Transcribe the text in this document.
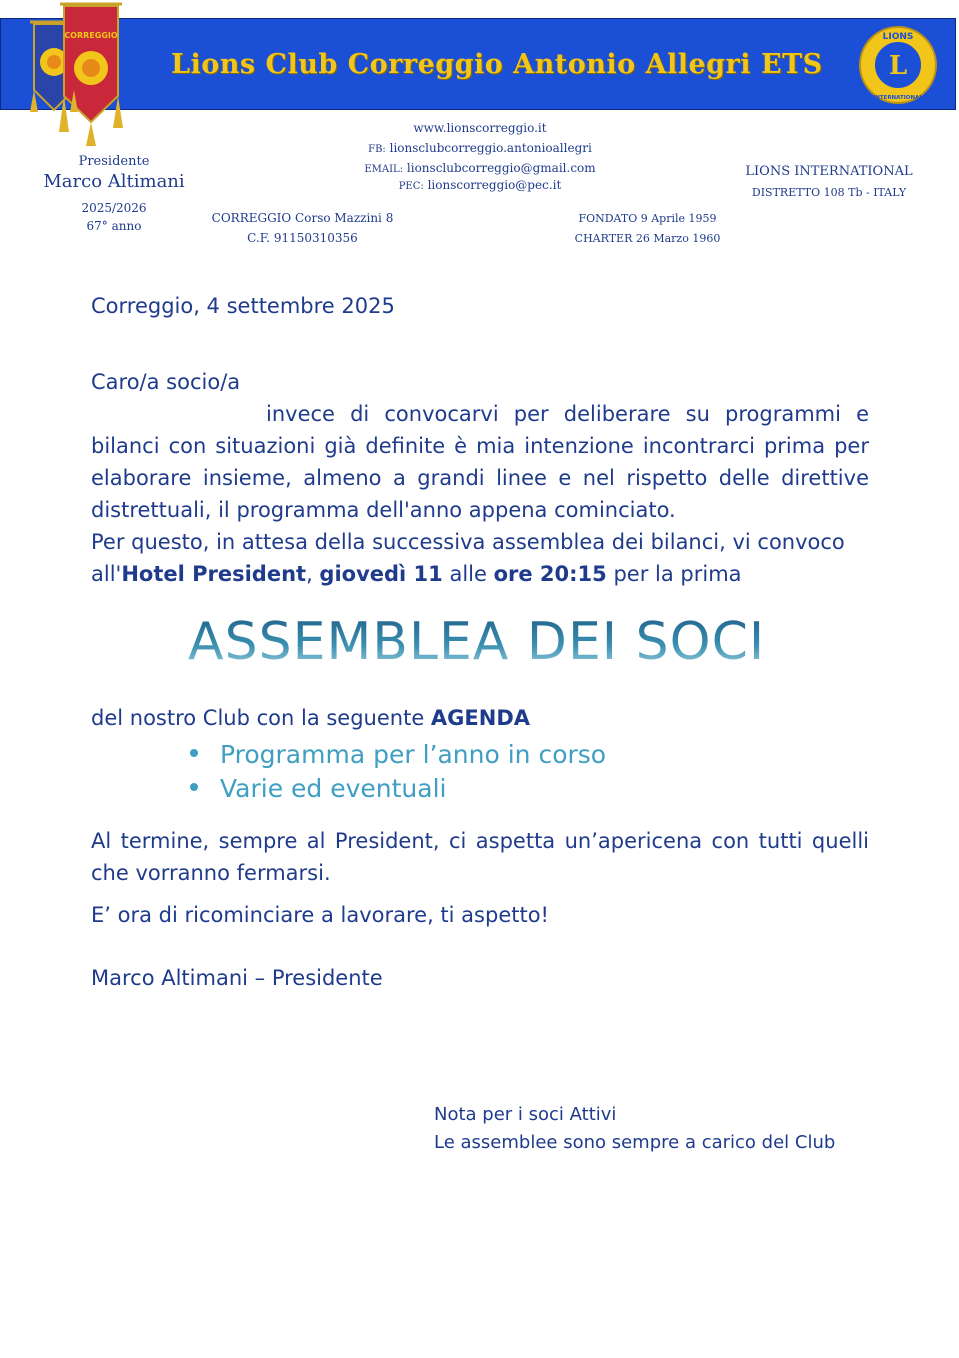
Lions Club Correggio Antonio Allegri ETS
CORREGGIO
L
LIONS
INTERNATIONAL
Presidente
Marco Altimani
2025/2026
67° anno
www.lionscorreggio.it
FB: lionsclubcorreggio.antonioallegri
EMAIL: lionsclubcorreggio@gmail.com
PEC: lionscorreggio@pec.it
CORREGGIO Corso Mazzini 8
C.F. 91150310356
FONDATO 9 Aprile 1959
CHARTER 26 Marzo 1960
LIONS INTERNATIONAL
DISTRETTO 108 Tb - ITALY
Correggio, 4 settembre 2025
Caro/a socio/a
invece di convocarvi per deliberare su programmi e
bilanci con situazioni già definite è mia intenzione incontrarci prima per
elaborare insieme, almeno a grandi linee e nel rispetto delle direttive
distrettuali, il programma dell'anno appena cominciato.
Per questo, in attesa della successiva assemblea dei bilanci, vi convoco
all'Hotel President, giovedì 11 alle ore 20:15 per la prima
ASSEMBLEA DEI SOCI
del nostro Club con la seguente AGENDA
Programma per l’anno in corso
Varie ed eventuali
Al termine, sempre al President, ci aspetta un’apericena con tutti quelli
che vorranno fermarsi.
E’ ora di ricominciare a lavorare, ti aspetto!
Marco Altimani – Presidente
Nota per i soci Attivi
Le assemblee sono sempre a carico del Club
